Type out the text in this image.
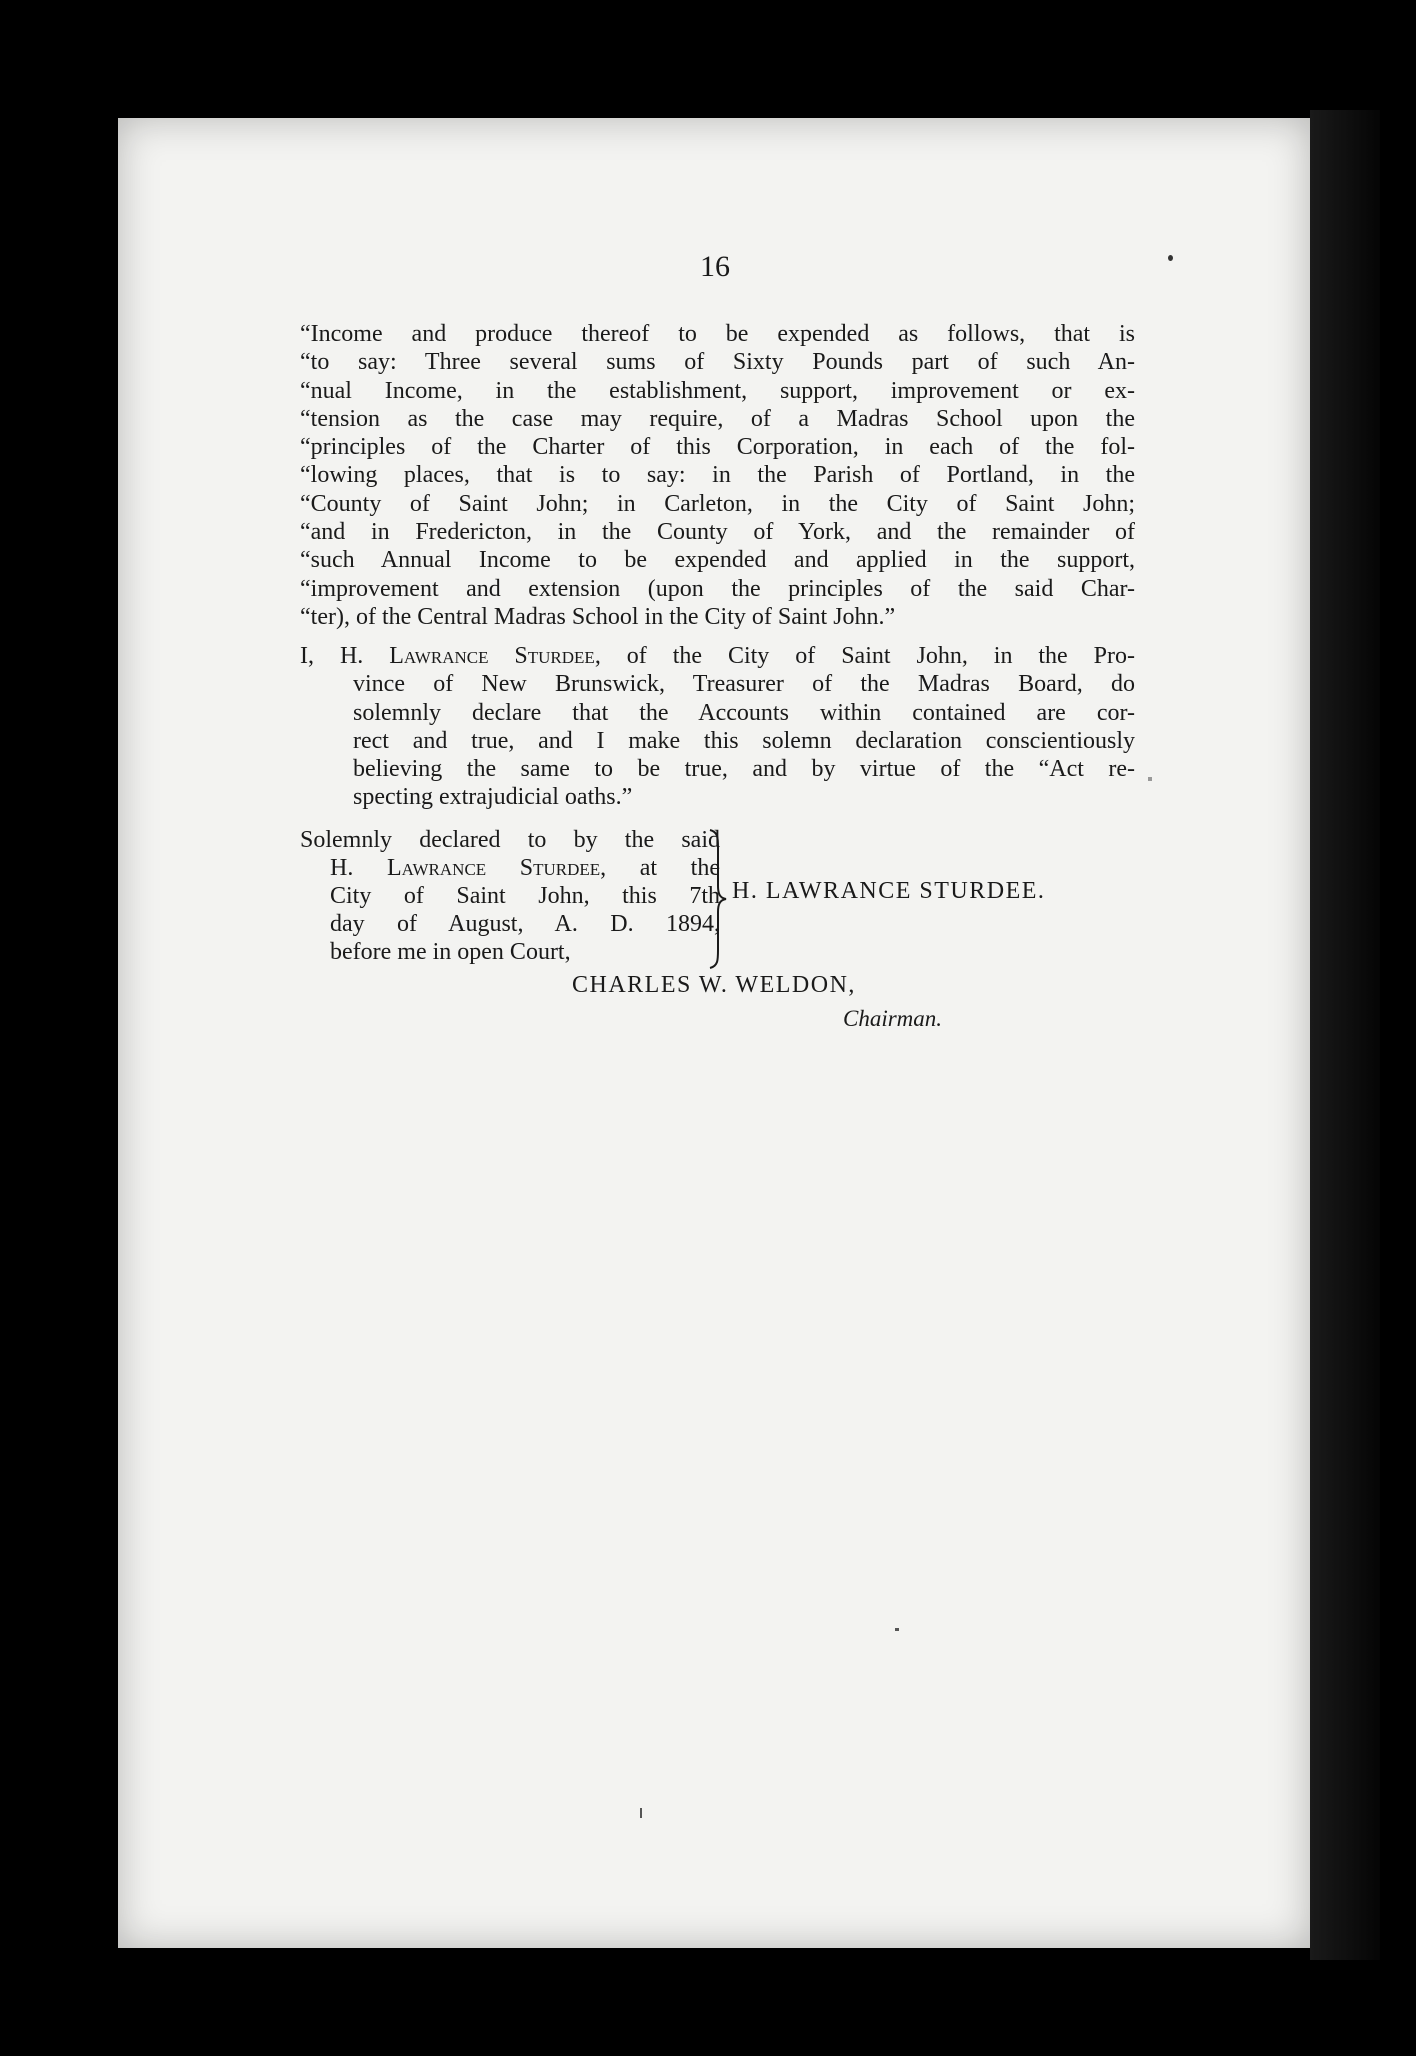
16
“Income and produce thereof to be expended as follows, that is
“to say: Three several sums of Sixty Pounds part of such An-
“nual Income, in the establishment, support, improvement or ex-
“tension as the case may require, of a Madras School upon the
“principles of the Charter of this Corporation, in each of the fol-
“lowing places, that is to say: in the Parish of Portland, in the
“County of Saint John; in Carleton, in the City of Saint John;
“and in Fredericton, in the County of York, and the remainder of
“such Annual Income to be expended and applied in the support,
“improvement and extension (upon the principles of the said Char-
“ter), of the Central Madras School in the City of Saint John.”
I, H. Lawrance Sturdee, of the City of Saint John, in the Pro-
vince of New Brunswick, Treasurer of the Madras Board, do
solemnly declare that the Accounts within contained are cor-
rect and true, and I make this solemn declaration conscientiously
believing the same to be true, and by virtue of the “Act re-
specting extrajudicial oaths.”
Solemnly declared to by the said
H. Lawrance Sturdee, at the
City of Saint John, this 7th
day of August, A. D. 1894,
before me in open Court,
H. LAWRANCE STURDEE.
CHARLES W. WELDON,
Chairman.
